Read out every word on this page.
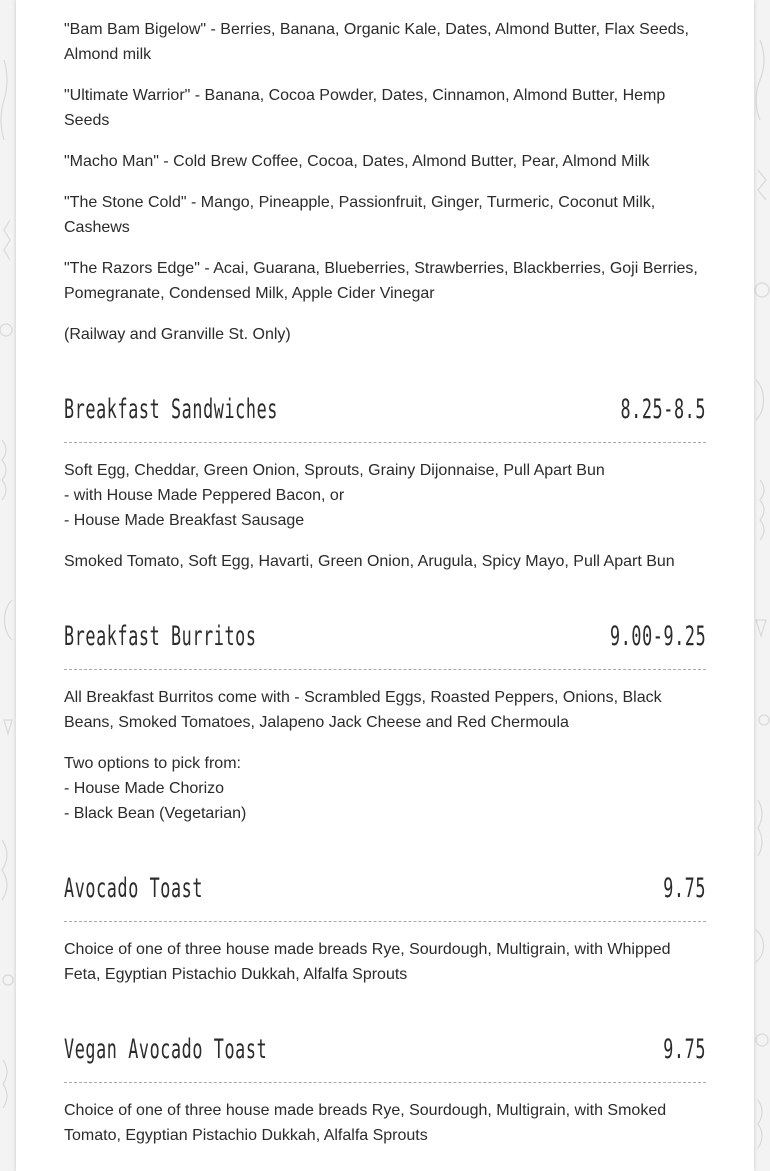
"Bam Bam Bigelow" - Berries, Banana, Organic Kale, Dates, Almond Butter, Flax Seeds,
Almond milk

"Ultimate Warrior" - Banana, Cocoa Powder, Dates, Cinnamon, Almond Butter, Hemp
Seeds

"Macho Man" - Cold Brew Coffee, Cocoa, Dates, Almond Butter, Pear, Almond Milk

"The Stone Cold" - Mango, Pineapple, Passionfruit, Ginger, Turmeric, Coconut Milk,
Cashews

"The Razors Edge" - Acai, Guarana, Blueberries, Strawberries, Blackberries, Goji Berries,
Pomegranate, Condensed Milk, Apple Cider Vinegar

(Railway and Granville St. Only)

Breakfast Sandwiches	8.25-8.5

Soft Egg, Cheddar, Green Onion, Sprouts, Grainy Dijonnaise, Pull Apart Bun
- with House Made Peppered Bacon, or
- House Made Breakfast Sausage

Smoked Tomato, Soft Egg, Havarti, Green Onion, Arugula, Spicy Mayo, Pull Apart Bun

Breakfast Burritos	9.00-9.25

All Breakfast Burritos come with - Scrambled Eggs, Roasted Peppers, Onions, Black
Beans, Smoked Tomatoes, Jalapeno Jack Cheese and Red Chermoula

Two options to pick from:
- House Made Chorizo
- Black Bean (Vegetarian)

Avocado Toast	9.75

Choice of one of three house made breads Rye, Sourdough, Multigrain, with Whipped
Feta, Egyptian Pistachio Dukkah, Alfalfa Sprouts

Vegan Avocado Toast	9.75

Choice of one of three house made breads Rye, Sourdough, Multigrain, with Smoked
Tomato, Egyptian Pistachio Dukkah, Alfalfa Sprouts
